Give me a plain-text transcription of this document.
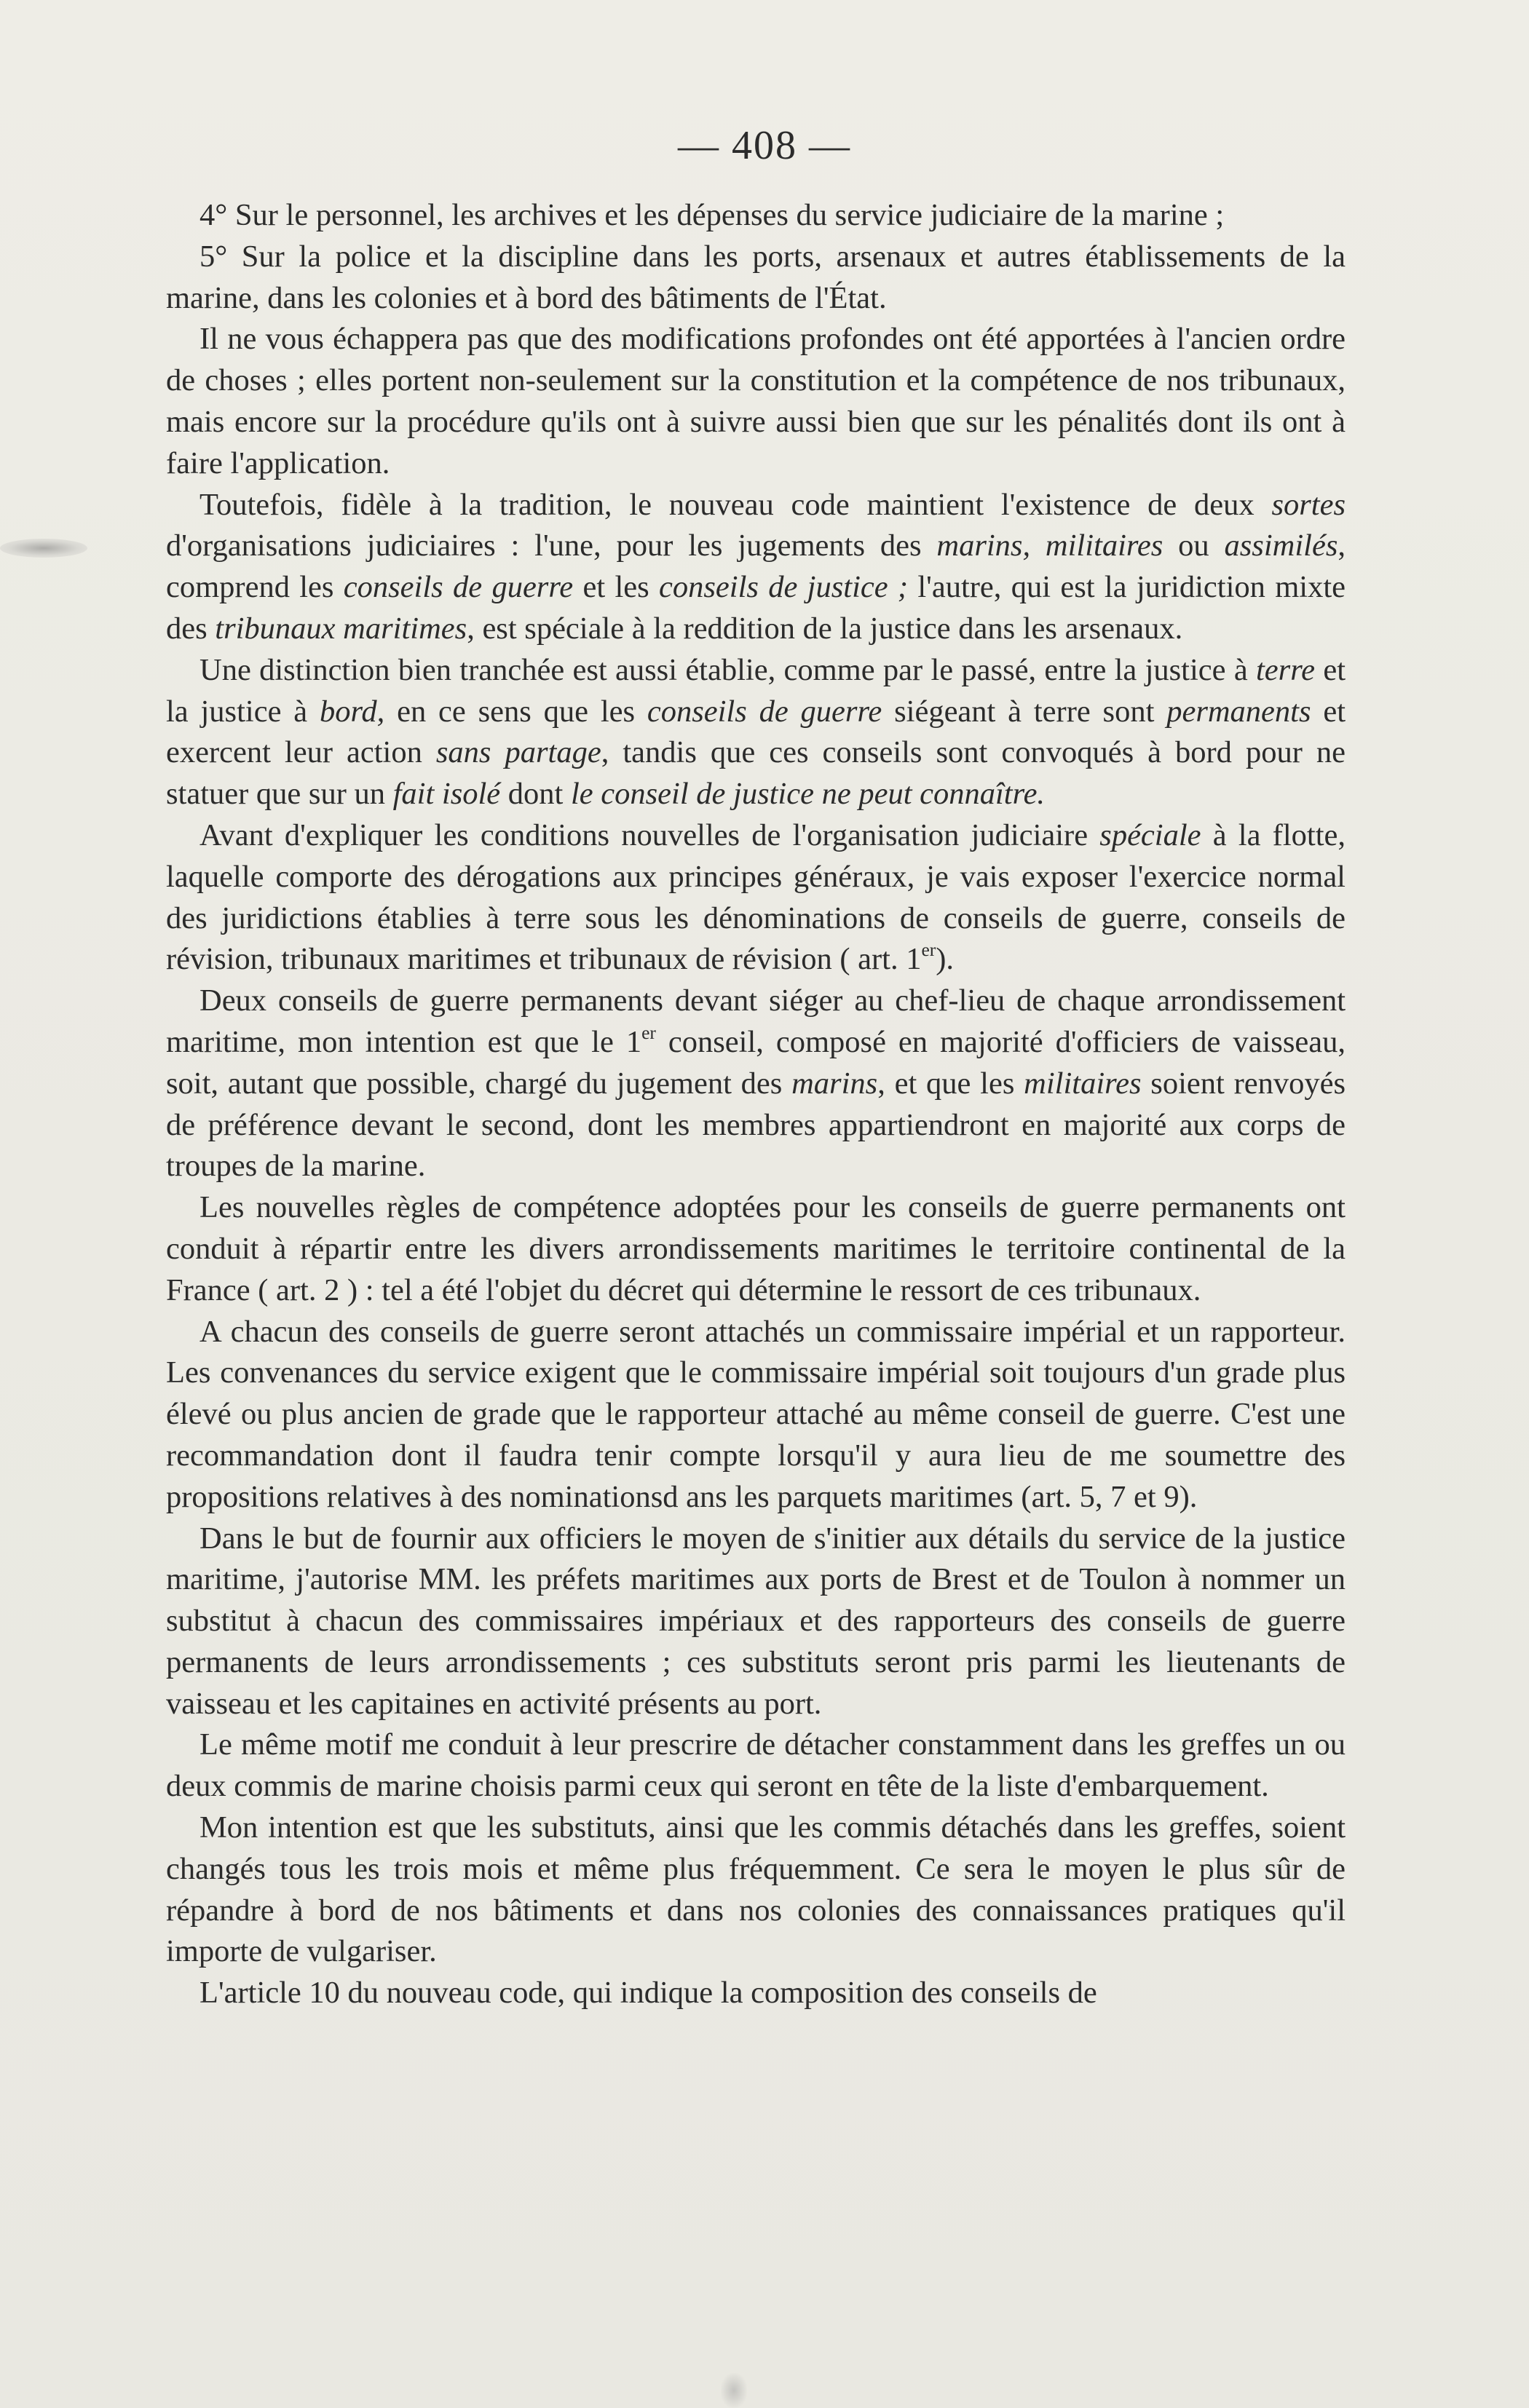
— 408 —

4° Sur le personnel, les archives et les dépenses du service judiciaire de la marine ;

5° Sur la police et la discipline dans les ports, arsenaux et autres établissements de la marine, dans les colonies et à bord des bâtiments de l'État.

Il ne vous échappera pas que des modifications profondes ont été apportées à l'ancien ordre de choses ; elles portent non-seulement sur la constitution et la compétence de nos tribunaux, mais encore sur la procédure qu'ils ont à suivre aussi bien que sur les pénalités dont ils ont à faire l'application.

Toutefois, fidèle à la tradition, le nouveau code maintient l'existence de deux sortes d'organisations judiciaires : l'une, pour les jugements des marins, militaires ou assimilés, comprend les conseils de guerre et les conseils de justice ; l'autre, qui est la juridiction mixte des tribunaux maritimes, est spéciale à la reddition de la justice dans les arsenaux.

Une distinction bien tranchée est aussi établie, comme par le passé, entre la justice à terre et la justice à bord, en ce sens que les conseils de guerre siégeant à terre sont permanents et exercent leur action sans partage, tandis que ces conseils sont convoqués à bord pour ne statuer que sur un fait isolé dont le conseil de justice ne peut connaître.

Avant d'expliquer les conditions nouvelles de l'organisation judiciaire spéciale à la flotte, laquelle comporte des dérogations aux principes généraux, je vais exposer l'exercice normal des juridictions établies à terre sous les dénominations de conseils de guerre, conseils de révision, tribunaux maritimes et tribunaux de révision ( art. 1er).

Deux conseils de guerre permanents devant siéger au chef-lieu de chaque arrondissement maritime, mon intention est que le 1er conseil, composé en majorité d'officiers de vaisseau, soit, autant que possible, chargé du jugement des marins, et que les militaires soient renvoyés de préférence devant le second, dont les membres appartiendront en majorité aux corps de troupes de la marine.

Les nouvelles règles de compétence adoptées pour les conseils de guerre permanents ont conduit à répartir entre les divers arrondissements maritimes le territoire continental de la France ( art. 2 ) : tel a été l'objet du décret qui détermine le ressort de ces tribunaux.

A chacun des conseils de guerre seront attachés un commissaire impérial et un rapporteur. Les convenances du service exigent que le commissaire impérial soit toujours d'un grade plus élevé ou plus ancien de grade que le rapporteur attaché au même conseil de guerre. C'est une recommandation dont il faudra tenir compte lorsqu'il y aura lieu de me soumettre des propositions relatives à des nominationsd ans les parquets maritimes (art. 5, 7 et 9).

Dans le but de fournir aux officiers le moyen de s'initier aux détails du service de la justice maritime, j'autorise MM. les préfets maritimes aux ports de Brest et de Toulon à nommer un substitut à chacun des commissaires impériaux et des rapporteurs des conseils de guerre permanents de leurs arrondissements ; ces substituts seront pris parmi les lieutenants de vaisseau et les capitaines en activité présents au port.

Le même motif me conduit à leur prescrire de détacher constamment dans les greffes un ou deux commis de marine choisis parmi ceux qui seront en tête de la liste d'embarquement.

Mon intention est que les substituts, ainsi que les commis détachés dans les greffes, soient changés tous les trois mois et même plus fréquemment. Ce sera le moyen le plus sûr de répandre à bord de nos bâtiments et dans nos colonies des connaissances pratiques qu'il importe de vulgariser.

L'article 10 du nouveau code, qui indique la composition des conseils de
